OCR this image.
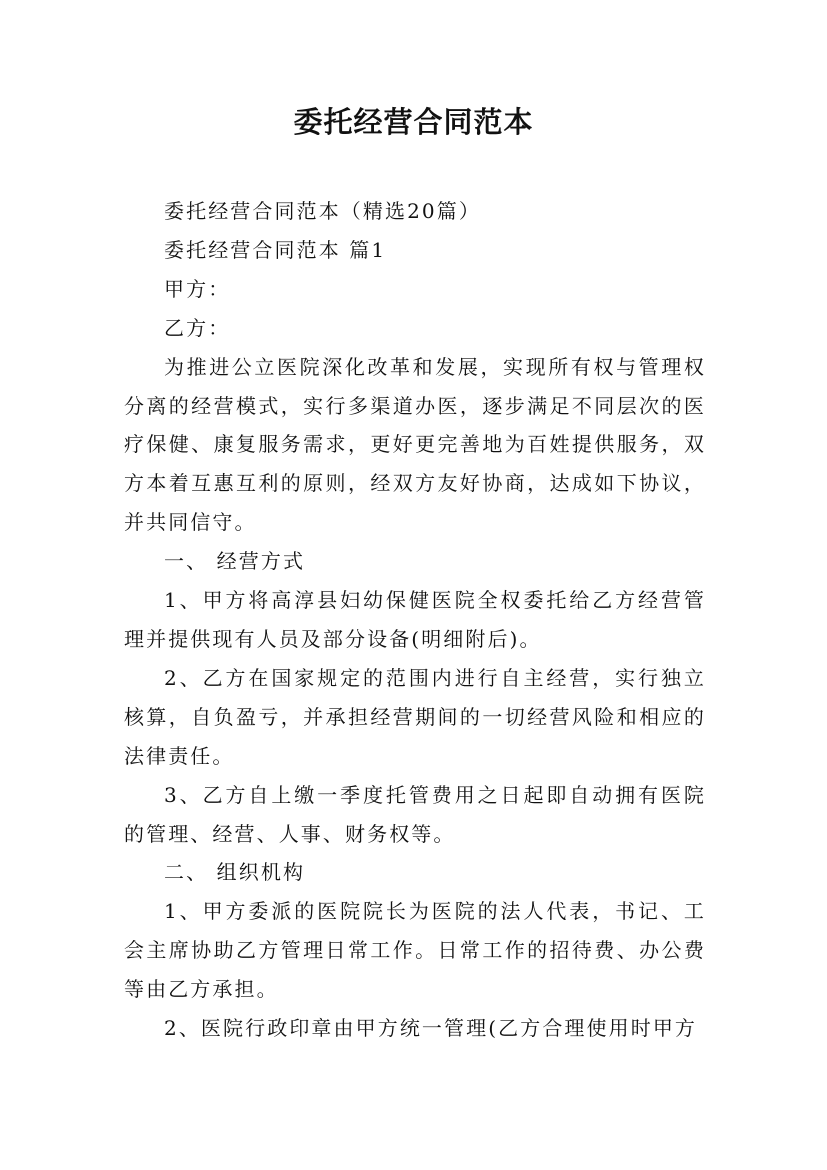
委托经营合同范本

委托经营合同范本（精选20篇）

委托经营合同范本 篇1

甲方：

乙方：

为推进公立医院深化改革和发展，实现所有权与管理权分离的经营模式，实行多渠道办医，逐步满足不同层次的医疗保健、康复服务需求，更好更完善地为百姓提供服务，双方本着互惠互利的原则，经双方友好协商，达成如下协议，并共同信守。

一、 经营方式

1、甲方将高淳县妇幼保健医院全权委托给乙方经营管理并提供现有人员及部分设备(明细附后)。

2、乙方在国家规定的范围内进行自主经营，实行独立核算，自负盈亏，并承担经营期间的一切经营风险和相应的法律责任。

3、乙方自上缴一季度托管费用之日起即自动拥有医院的管理、经营、人事、财务权等。

二、 组织机构

1、甲方委派的医院院长为医院的法人代表，书记、工会主席协助乙方管理日常工作。日常工作的招待费、办公费等由乙方承担。

2、医院行政印章由甲方统一管理(乙方合理使用时甲方
